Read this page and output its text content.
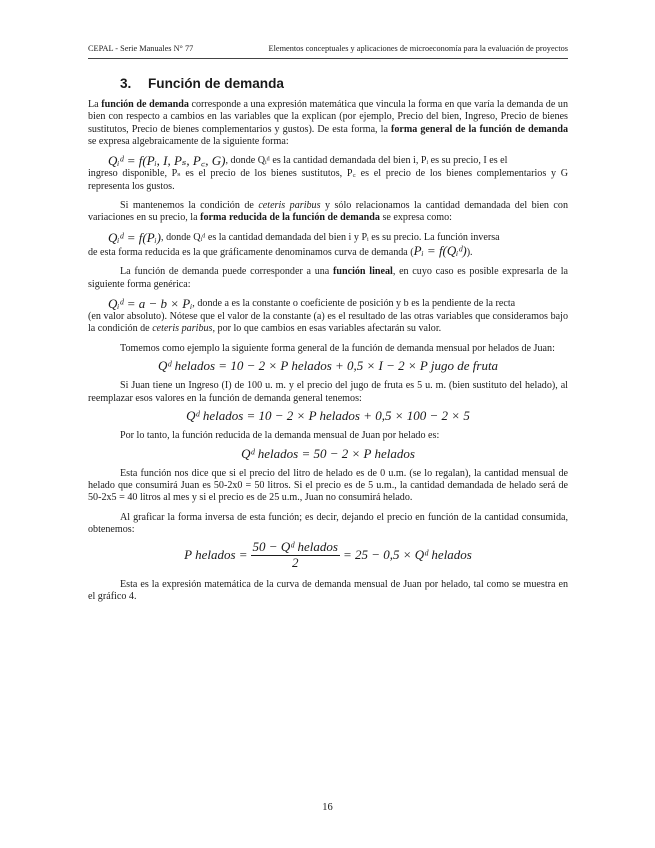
CEPAL - Serie Manuales N° 77	Elementos conceptuales y aplicaciones de microeconomía para la evaluación de proyectos
3. Función de demanda

La función de demanda corresponde a una expresión matemática que vincula la forma en que varía la demanda de un bien con respecto a cambios en las variables que la explican (por ejemplo, Precio del bien, Ingreso, Precio de bienes sustitutos, Precio de bienes complementarios y gustos). De esta forma, la forma general de la función de demanda se expresa algebraicamente de la siguiente forma:

Qᵢᵈ = f(Pᵢ, I, Pₛ, P꜀, G) , donde Qᵢᵈ es la cantidad demandada del bien i, Pᵢ es su precio, I es el

ingreso disponible, Pₛ es el precio de los bienes sustitutos, P꜀ es el precio de los bienes complementarios y G representa los gustos.

Si mantenemos la condición de ceteris paribus y sólo relacionamos la cantidad demandada del bien con variaciones en su precio, la forma reducida de la función de demanda se expresa como:

Qᵢᵈ = f(Pᵢ) , donde Qᵢᵈ es la cantidad demandada del bien i y Pᵢ es su precio. La función inversa

de esta forma reducida es la que gráficamente denominamos curva de demanda (Pᵢ = f(Qᵢᵈ)).

La función de demanda puede corresponder a una función lineal, en cuyo caso es posible expresarla de la siguiente forma genérica:

Qᵢᵈ = a − b × Pᵢ , donde a es la constante o coeficiente de posición y b es la pendiente de la recta

(en valor absoluto). Nótese que el valor de la constante (a) es el resultado de las otras variables que consideramos bajo la condición de ceteris paribus, por lo que cambios en esas variables afectarán su valor.

Tomemos como ejemplo la siguiente forma general de la función de demanda mensual por helados de Juan:

Qᵈ helados = 10 − 2 × P helados + 0,5 × I − 2 × P jugo de fruta

Si Juan tiene un Ingreso (I) de 100 u. m. y el precio del jugo de fruta es 5 u. m. (bien sustituto del helado), al reemplazar esos valores en la función de demanda general tenemos:

Qᵈ helados = 10 − 2 × P helados + 0,5 × 100 − 2 × 5

Por lo tanto, la función reducida de la demanda mensual de Juan por helado es:

Qᵈ helados = 50 − 2 × P helados

Esta función nos dice que si el precio del litro de helado es de 0 u.m. (se lo regalan), la cantidad mensual de helado que consumirá Juan es 50-2x0 = 50 litros. Si el precio es de 5 u.m., la cantidad demandada de helado será de 50-2x5 = 40 litros al mes y si el precio es de 25 u.m., Juan no consumirá helado.

Al graficar la forma inversa de esta función; es decir, dejando el precio en función de la cantidad consumida, obtenemos:

P helados = $\frac{\text{50 − Qᵈ helados}}{2} = 25 - 0,5$ × Qᵈ helados

Esta es la expresión matemática de la curva de demanda mensual de Juan por helado, tal como se muestra en el gráfico 4.

16
